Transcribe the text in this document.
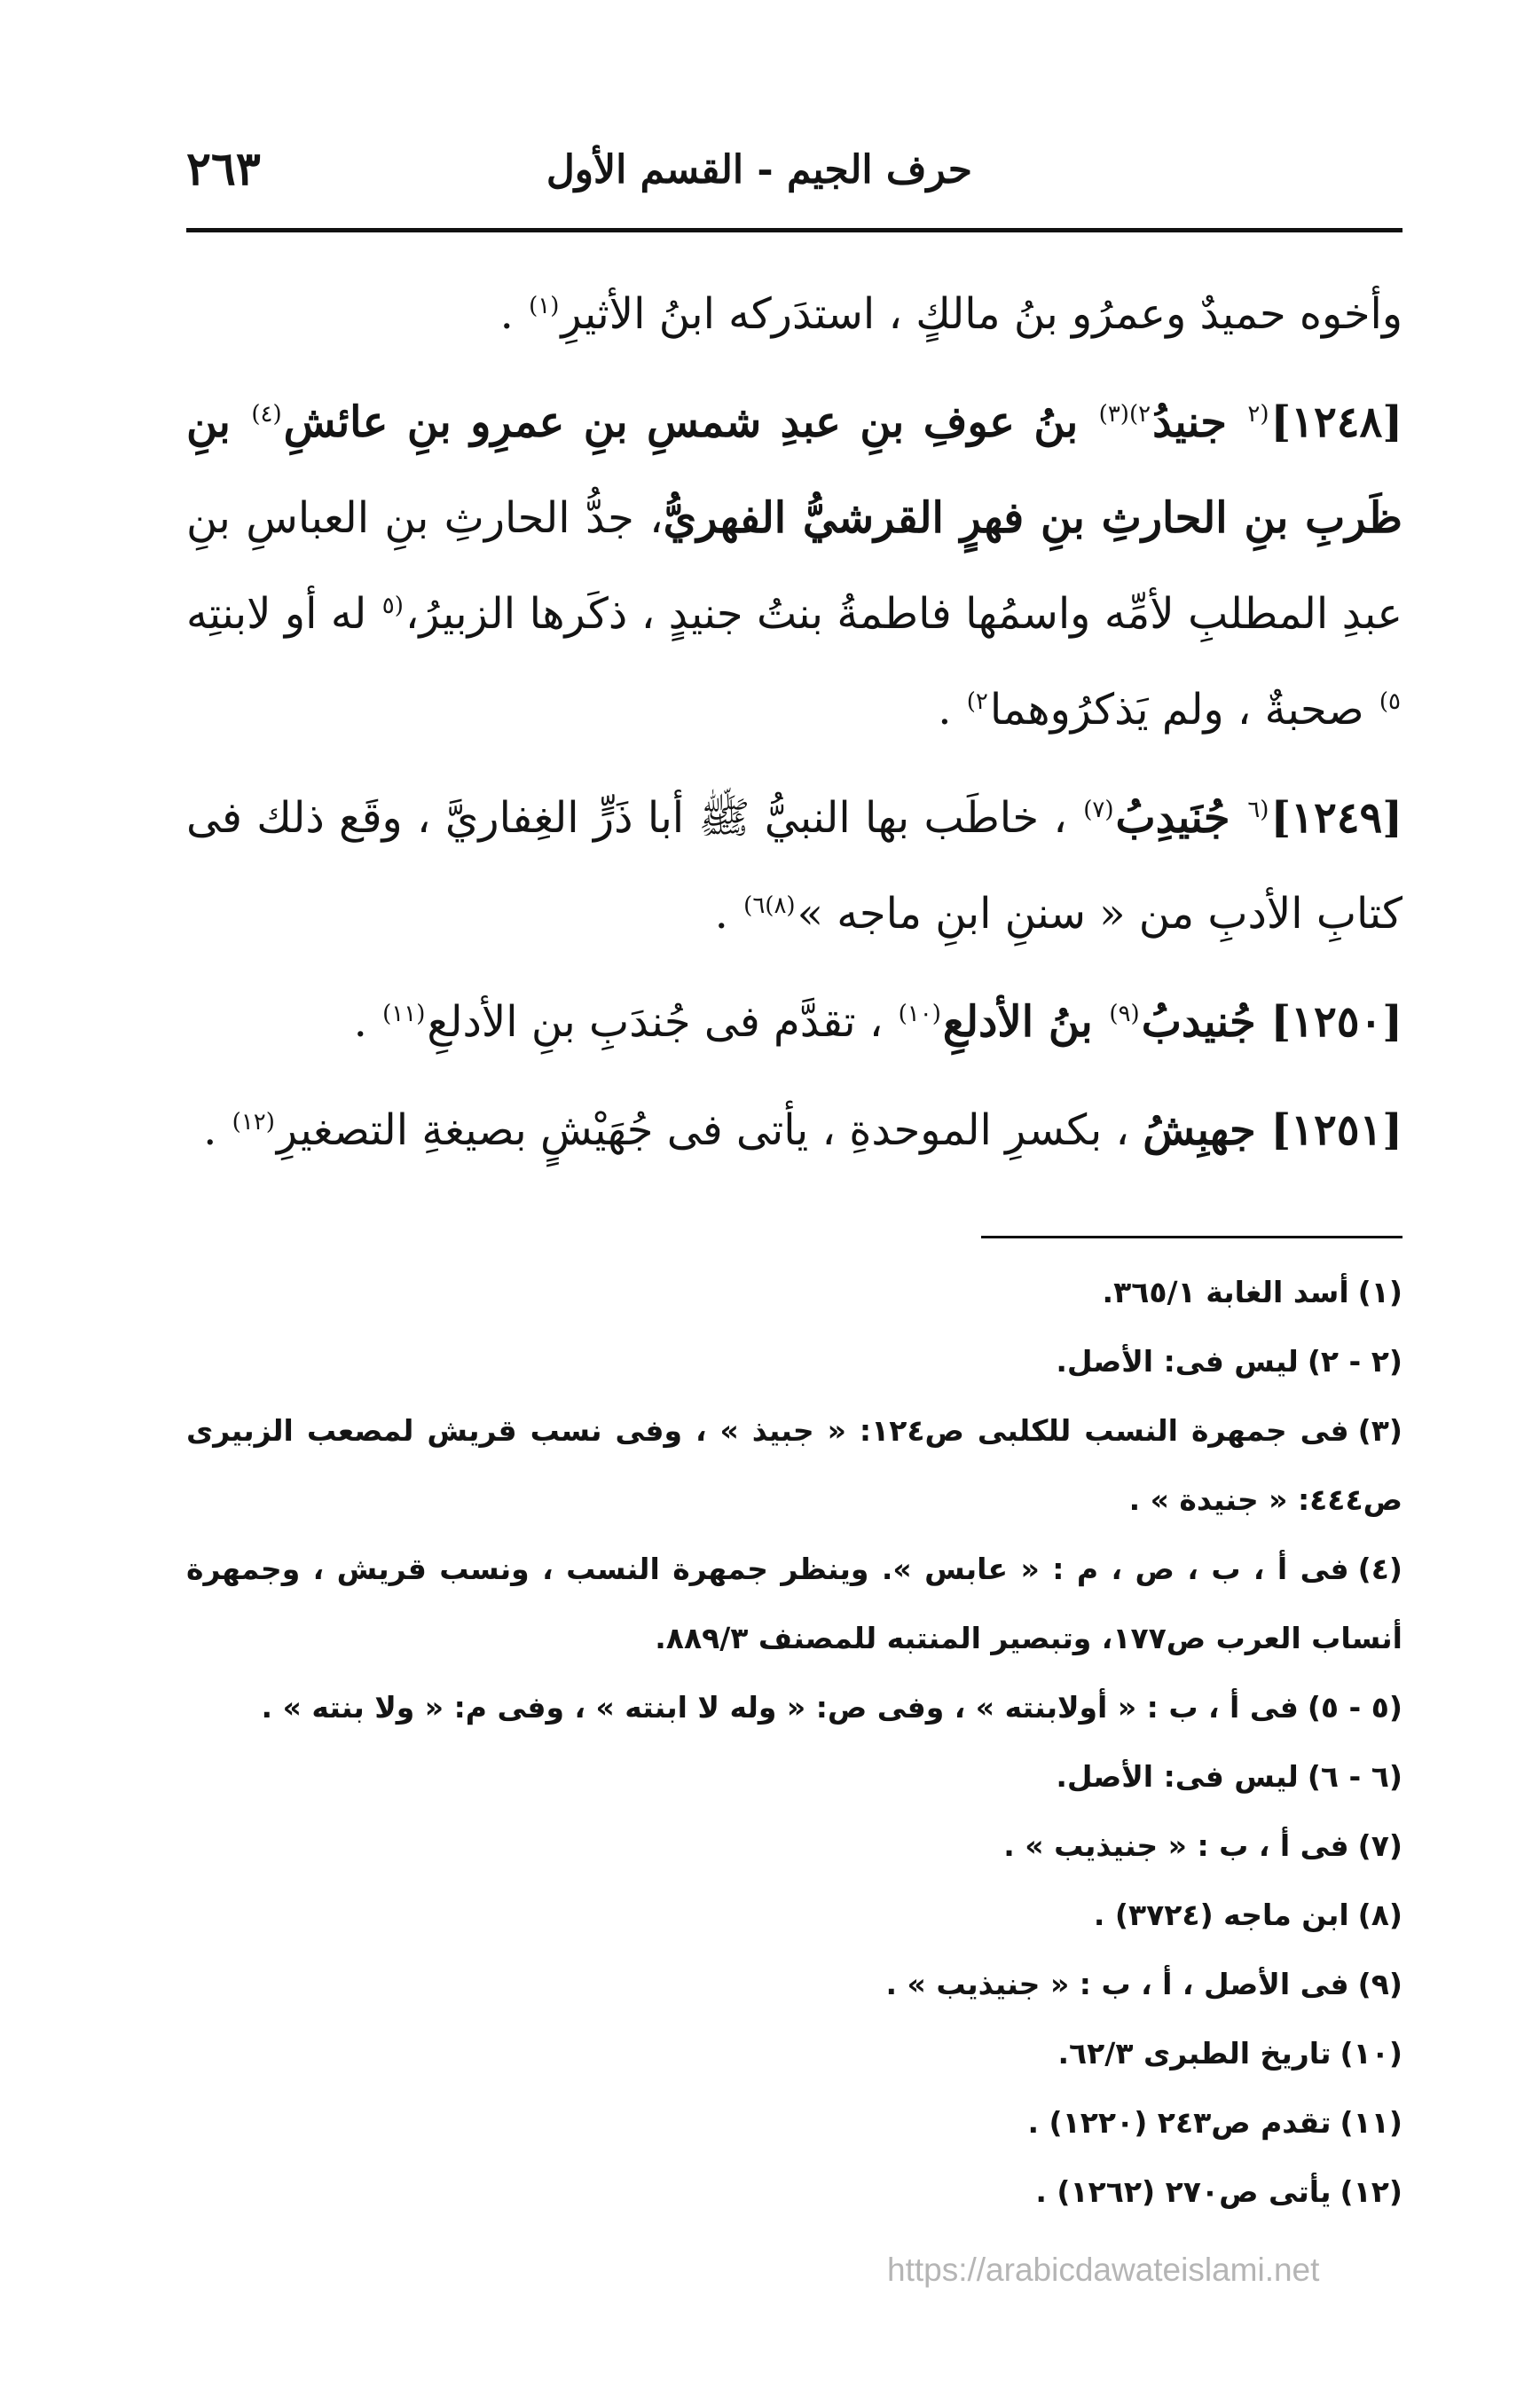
حرف الجيم - القسم الأول
٢٦٣

وأخوه حميدٌ وعمرُو بنُ مالكٍ ، استدَركه ابنُ الأثيرِ$^{(١)}$ .

[١٢٤٨]$^{(٢}$ جنيدُ$^{٢)(٣)}$ بنُ عوفِ بنِ عبدِ شمسِ بنِ عمرِو بنِ عائشِ$^{(٤)}$ بنِ ظَربِ بنِ الحارثِ بنِ فهرٍ القرشيُّ الفهريُّ، جدُّ الحارثِ بنِ العباسِ بنِ عبدِ المطلبِ لأمِّه واسمُها فاطمةُ بنتُ جنيدٍ ، ذكَرها الزبيرُ،$^{(٥}$ له أو لابنتِه $^{٥)}$ صحبةٌ ، ولم يَذكرُوهما$^{٢)}$ .

[١٢٤٩]$^{(٦}$ جُنَيدِبُ$^{(٧)}$ ، خاطَب بها النبيُّ ﷺ أبا ذَرٍّ الغِفاريَّ ، وقَع ذلك فى كتابِ الأدبِ من « سننِ ابنِ ماجه »$^{(٨)٦)}$ .

[١٢٥٠] جُنيدبُ$^{(٩)}$ بنُ الأدلعِ$^{(١٠)}$ ، تقدَّم فى جُندَبِ بنِ الأدلعِ$^{(١١)}$ .

[١٢٥١] جهبِشُ ، بكسرِ الموحدةِ ، يأتى فى جُهَيْشٍ بصيغةِ التصغيرِ$^{(١٢)}$ .

(١)أسد الغابة ٣٦٥/١.

(٢ - ٢)ليس فى: الأصل.

(٣)فى جمهرة النسب للكلبى ص١٢٤: « جبيذ » ، وفى نسب قريش لمصعب الزبيرى ص٤٤٤: « جنيدة » .

(٤)فى أ ، ب ، ص ، م : « عابس ». وينظر جمهرة النسب ، ونسب قريش ، وجمهرة أنساب العرب ص١٧٧، وتبصير المنتبه للمصنف ٨٨٩/٣.

(٥ - ٥)فى أ ، ب : « أولابنته » ، وفى ص: « وله لا ابنته » ، وفى م: « ولا بنته » .

(٦ - ٦)ليس فى: الأصل.

(٧)فى أ ، ب : « جنيذيب » .

(٨)ابن ماجه (٣٧٢٤) .

(٩)فى الأصل ، أ ، ب : « جنيذيب » .

(١٠)تاريخ الطبرى ٦٢/٣.

(١١)تقدم ص٢٤٣ (١٢٢٠) .

(١٢)يأتى ص٢٧٠ (١٢٦٢) .

https://arabicdawateislami.net
